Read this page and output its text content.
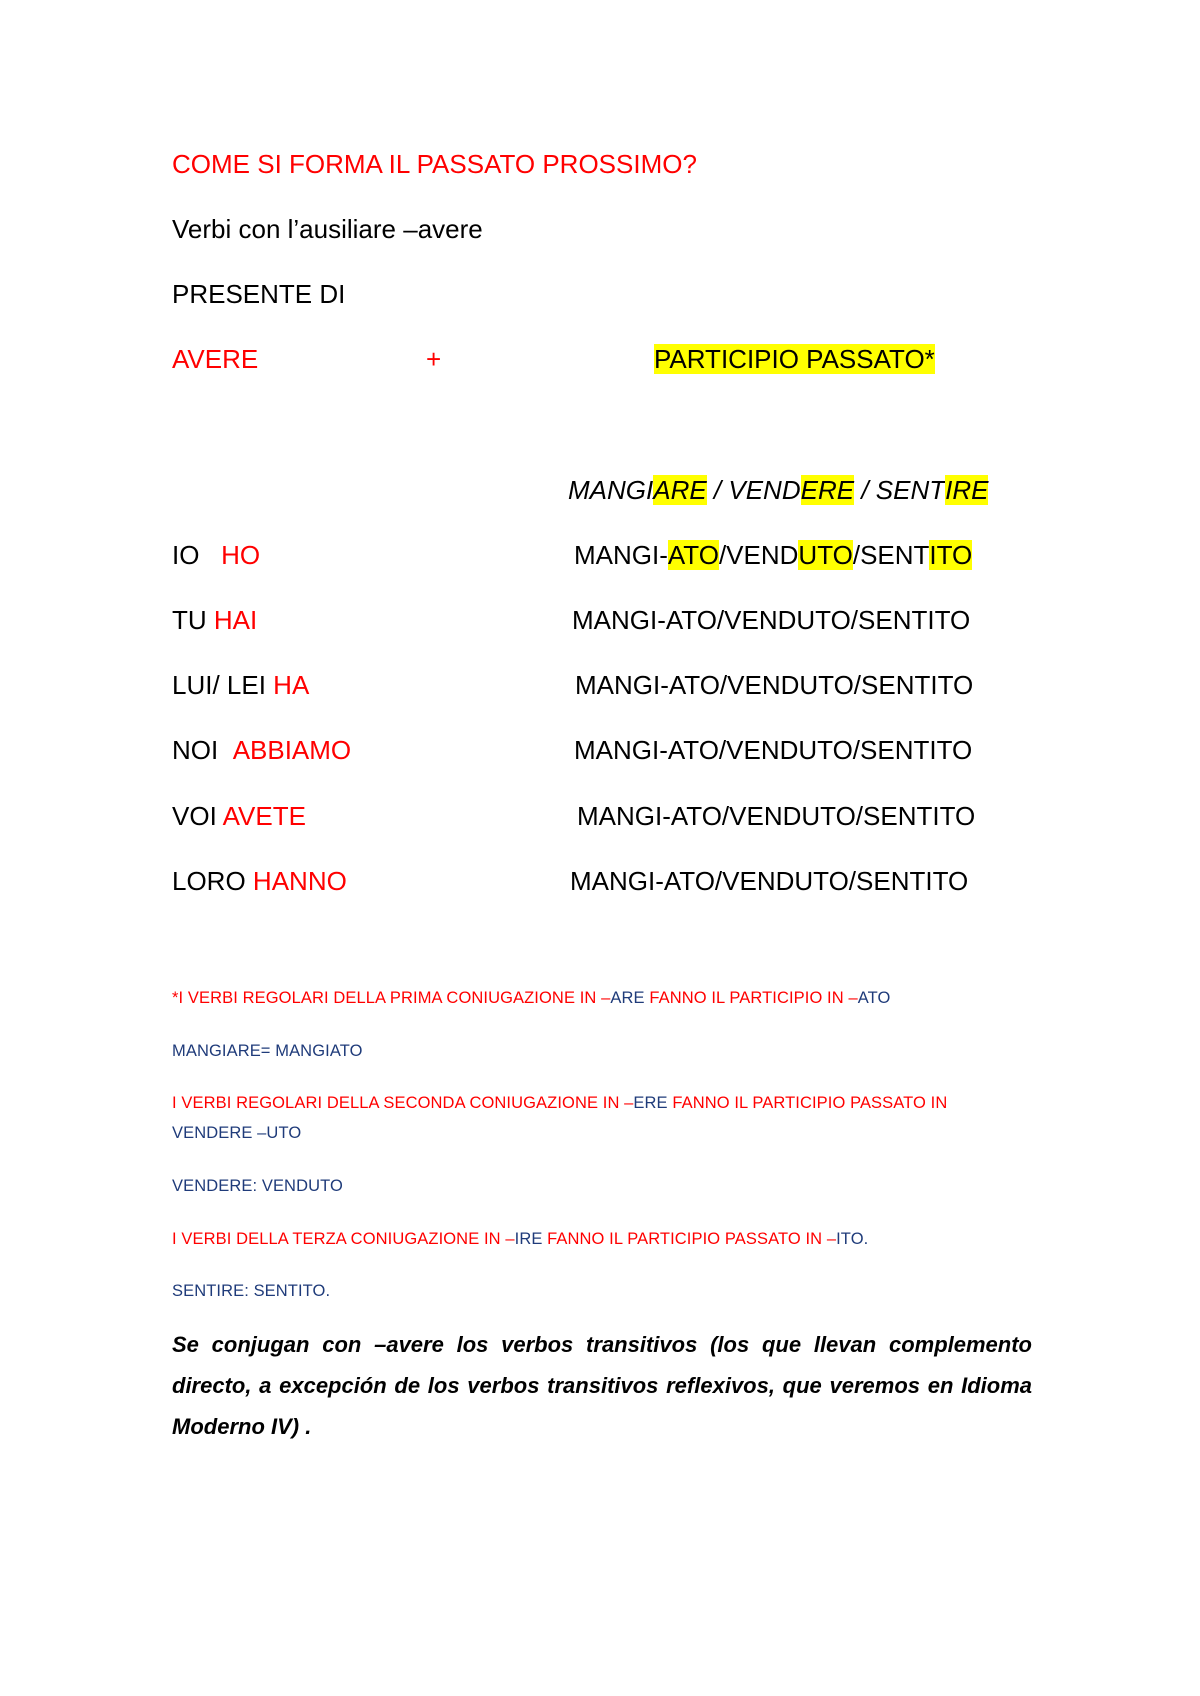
COME SI FORMA IL PASSATO PROSSIMO?
Verbi con l’ausiliare –avere
PRESENTE DI
AVERE	+	PARTICIPIO PASSATO*
MANGIARE / VENDERE / SENTIRE
IO HO	MANGI-ATO/VENDUTO/SENTITO
TU HAI	MANGI-ATO/VENDUTO/SENTITO
LUI/ LEI HA	MANGI-ATO/VENDUTO/SENTITO
NOI ABBIAMO	MANGI-ATO/VENDUTO/SENTITO
VOI AVETE	MANGI-ATO/VENDUTO/SENTITO
LORO HANNO	MANGI-ATO/VENDUTO/SENTITO
*I VERBI REGOLARI DELLA PRIMA CONIUGAZIONE IN –ARE FANNO IL PARTICIPIO IN –ATO
MANGIARE= MANGIATO
I VERBI REGOLARI DELLA SECONDA CONIUGAZIONE IN –ERE FANNO IL PARTICIPIO PASSATO IN
VENDERE –UTO
VENDERE: VENDUTO
I VERBI DELLA TERZA CONIUGAZIONE IN –IRE FANNO IL PARTICIPIO PASSATO IN –ITO.
SENTIRE: SENTITO.
Se conjugan con –avere los verbos transitivos (los que llevan complemento directo, a excepción de los verbos transitivos reflexivos, que veremos en Idioma Moderno IV) .
